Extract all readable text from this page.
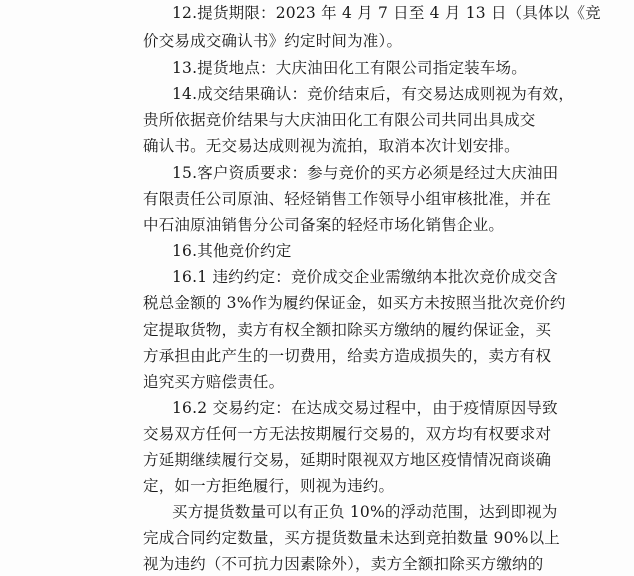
12.提货期限：2023 年 4 月 7 日至 4 月 13 日（具体以《竞
价交易成交确认书》约定时间为准）。
13.提货地点：大庆油田化工有限公司指定装车场。
14.成交结果确认：竞价结束后，有交易达成则视为有效，
贵所依据竞价结果与大庆油田化工有限公司共同出具成交
确认书。无交易达成则视为流拍，取消本次计划安排。
15.客户资质要求：参与竞价的买方必须是经过大庆油田
有限责任公司原油、轻烃销售工作领导小组审核批准，并在
中石油原油销售分公司备案的轻烃市场化销售企业。
16.其他竞价约定
16.1 违约约定：竞价成交企业需缴纳本批次竞价成交含
税总金额的 3%作为履约保证金，如买方未按照当批次竞价约
定提取货物，卖方有权全额扣除买方缴纳的履约保证金，买
方承担由此产生的一切费用，给卖方造成损失的，卖方有权
追究买方赔偿责任。
16.2 交易约定：在达成交易过程中，由于疫情原因导致
交易双方任何一方无法按期履行交易的，双方均有权要求对
方延期继续履行交易，延期时限视双方地区疫情情况商谈确
定，如一方拒绝履行，则视为违约。
买方提货数量可以有正负 10%的浮动范围，达到即视为
完成合同约定数量，买方提货数量未达到竞拍数量 90%以上
视为违约（不可抗力因素除外），卖方全额扣除买方缴纳的
